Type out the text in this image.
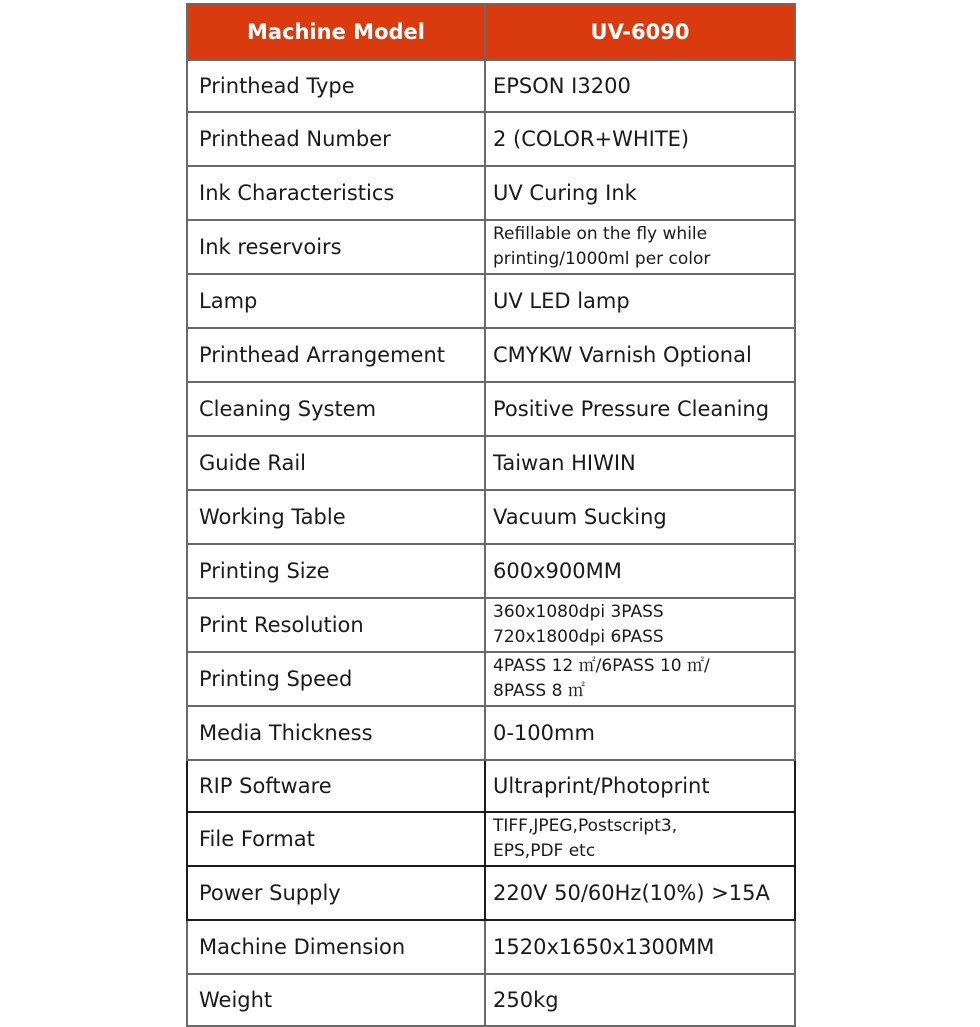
Machine Model	UV-6090
Printhead Type	EPSON I3200

Printhead Number	2 (COLOR+WHITE)

Ink Characteristics	UV Curing Ink

Ink reservoirs	Refillable on the fly while
printing/1000ml per color

Lamp	UV LED lamp

Printhead Arrangement	CMYKW Varnish Optional

Cleaning System	Positive Pressure Cleaning

Guide Rail	Taiwan HIWIN

Working Table	Vacuum Sucking

Printing Size	600x900MM

Print Resolution	360x1080dpi 3PASS
720x1800dpi 6PASS

Printing Speed	4PASS 12 ㎡/6PASS 10 ㎡/
8PASS 8 ㎡

Media Thickness	0-100mm

RIP Software	Ultraprint/Photoprint

File Format	TIFF,JPEG,Postscript3,
EPS,PDF etc

Power Supply	220V 50/60Hz(10%) >15A

Machine Dimension	1520x1650x1300MM

Weight	250kg
